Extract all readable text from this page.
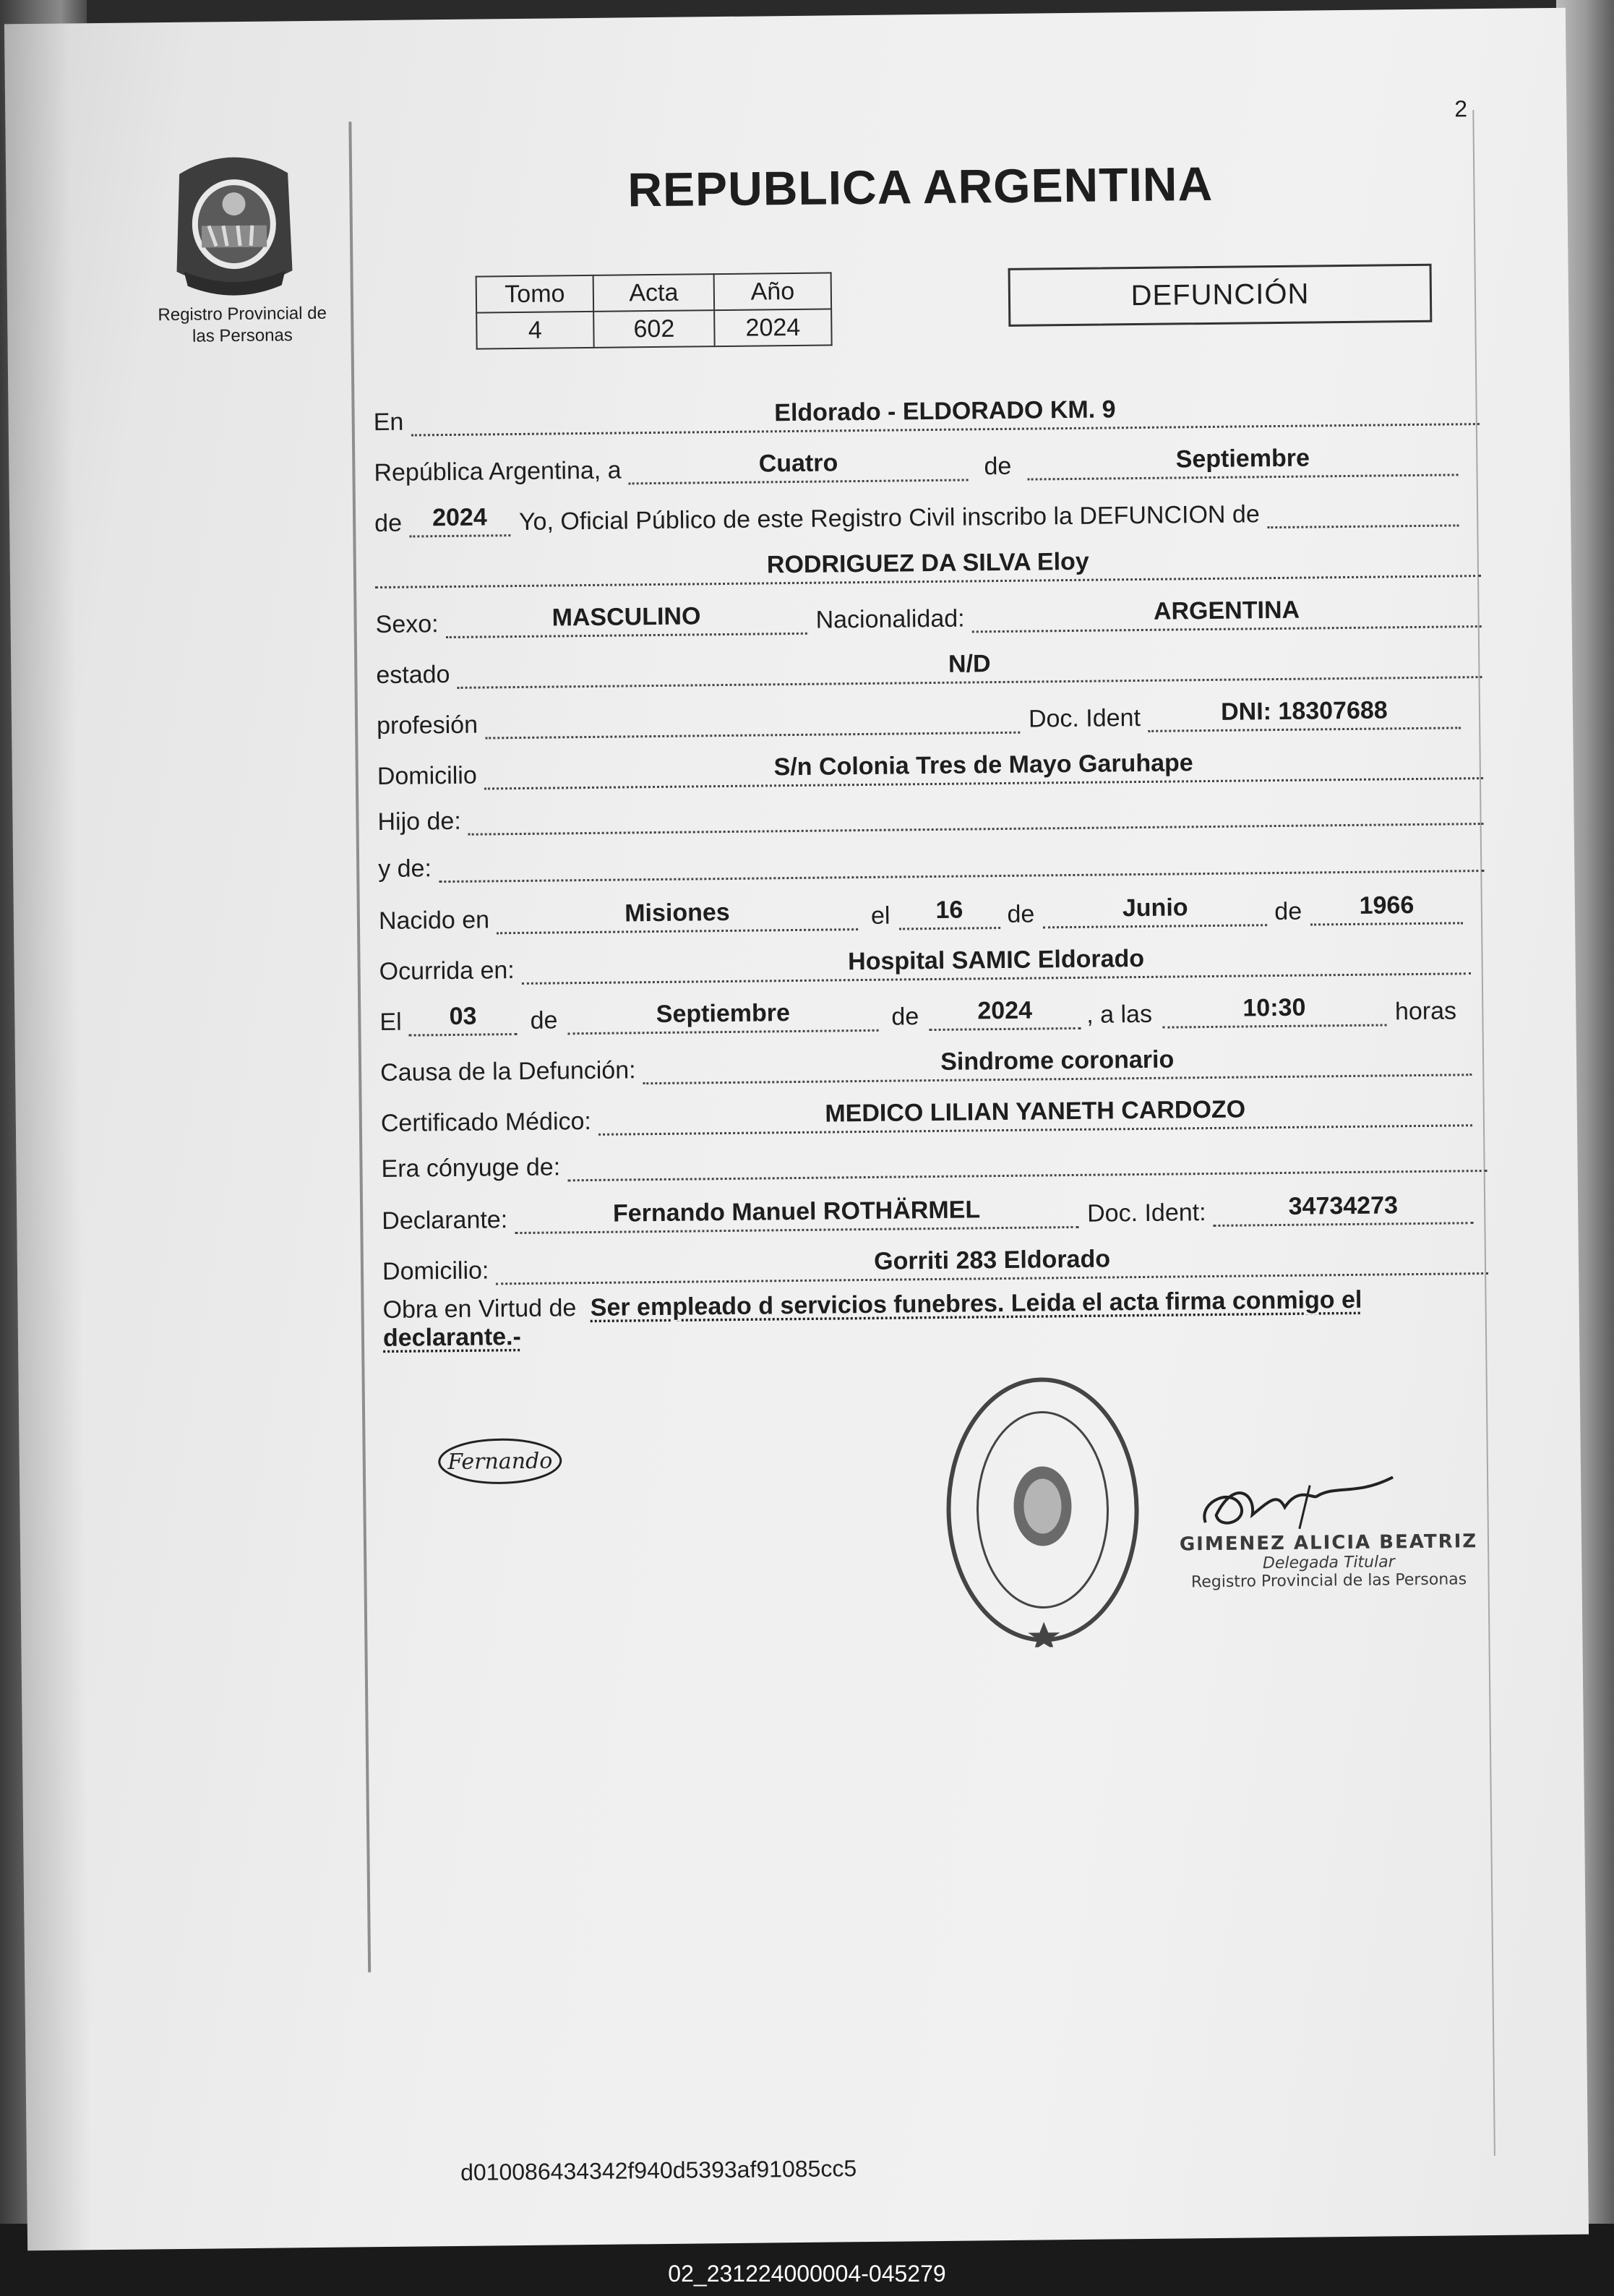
2
Registro Provincial de
las Personas
REPUBLICA ARGENTINA
Tomo	Acta	Año
4	602	2024
DEFUNCIÓN
En	Eldorado - ELDORADO KM. 9
República Argentina, a	Cuatro	de	Septiembre
de	2024	Yo, Oficial Público de este Registro Civil inscribo la DEFUNCION de
RODRIGUEZ DA SILVA Eloy
Sexo:	MASCULINO	Nacionalidad:	ARGENTINA
estado	N/D
profesión	Doc. Ident	DNI: 18307688
Domicilio	S/n Colonia Tres de Mayo Garuhape
Hijo de:
y de:
Nacido en	Misiones	el	16	de	Junio	de	1966
Ocurrida en:	Hospital SAMIC Eldorado
El	03	de	Septiembre	de	2024	, a las	10:30	horas
Causa de la Defunción:	Sindrome coronario
Certificado Médico:	MEDICO LILIAN YANETH CARDOZO
Era cónyuge de:
Declarante:	Fernando Manuel ROTHÄRMEL	Doc. Ident:	34734273
Domicilio:	Gorriti 283 Eldorado
Obra en Virtud de Ser empleado d servicios funebres. Leida el acta firma conmigo el
declarante.-
Fernando
GIMENEZ ALICIA BEATRIZ
Delegada Titular
Registro Provincial de las Personas
d010086434342f940d5393af91085cc5
02_231224000004-045279
